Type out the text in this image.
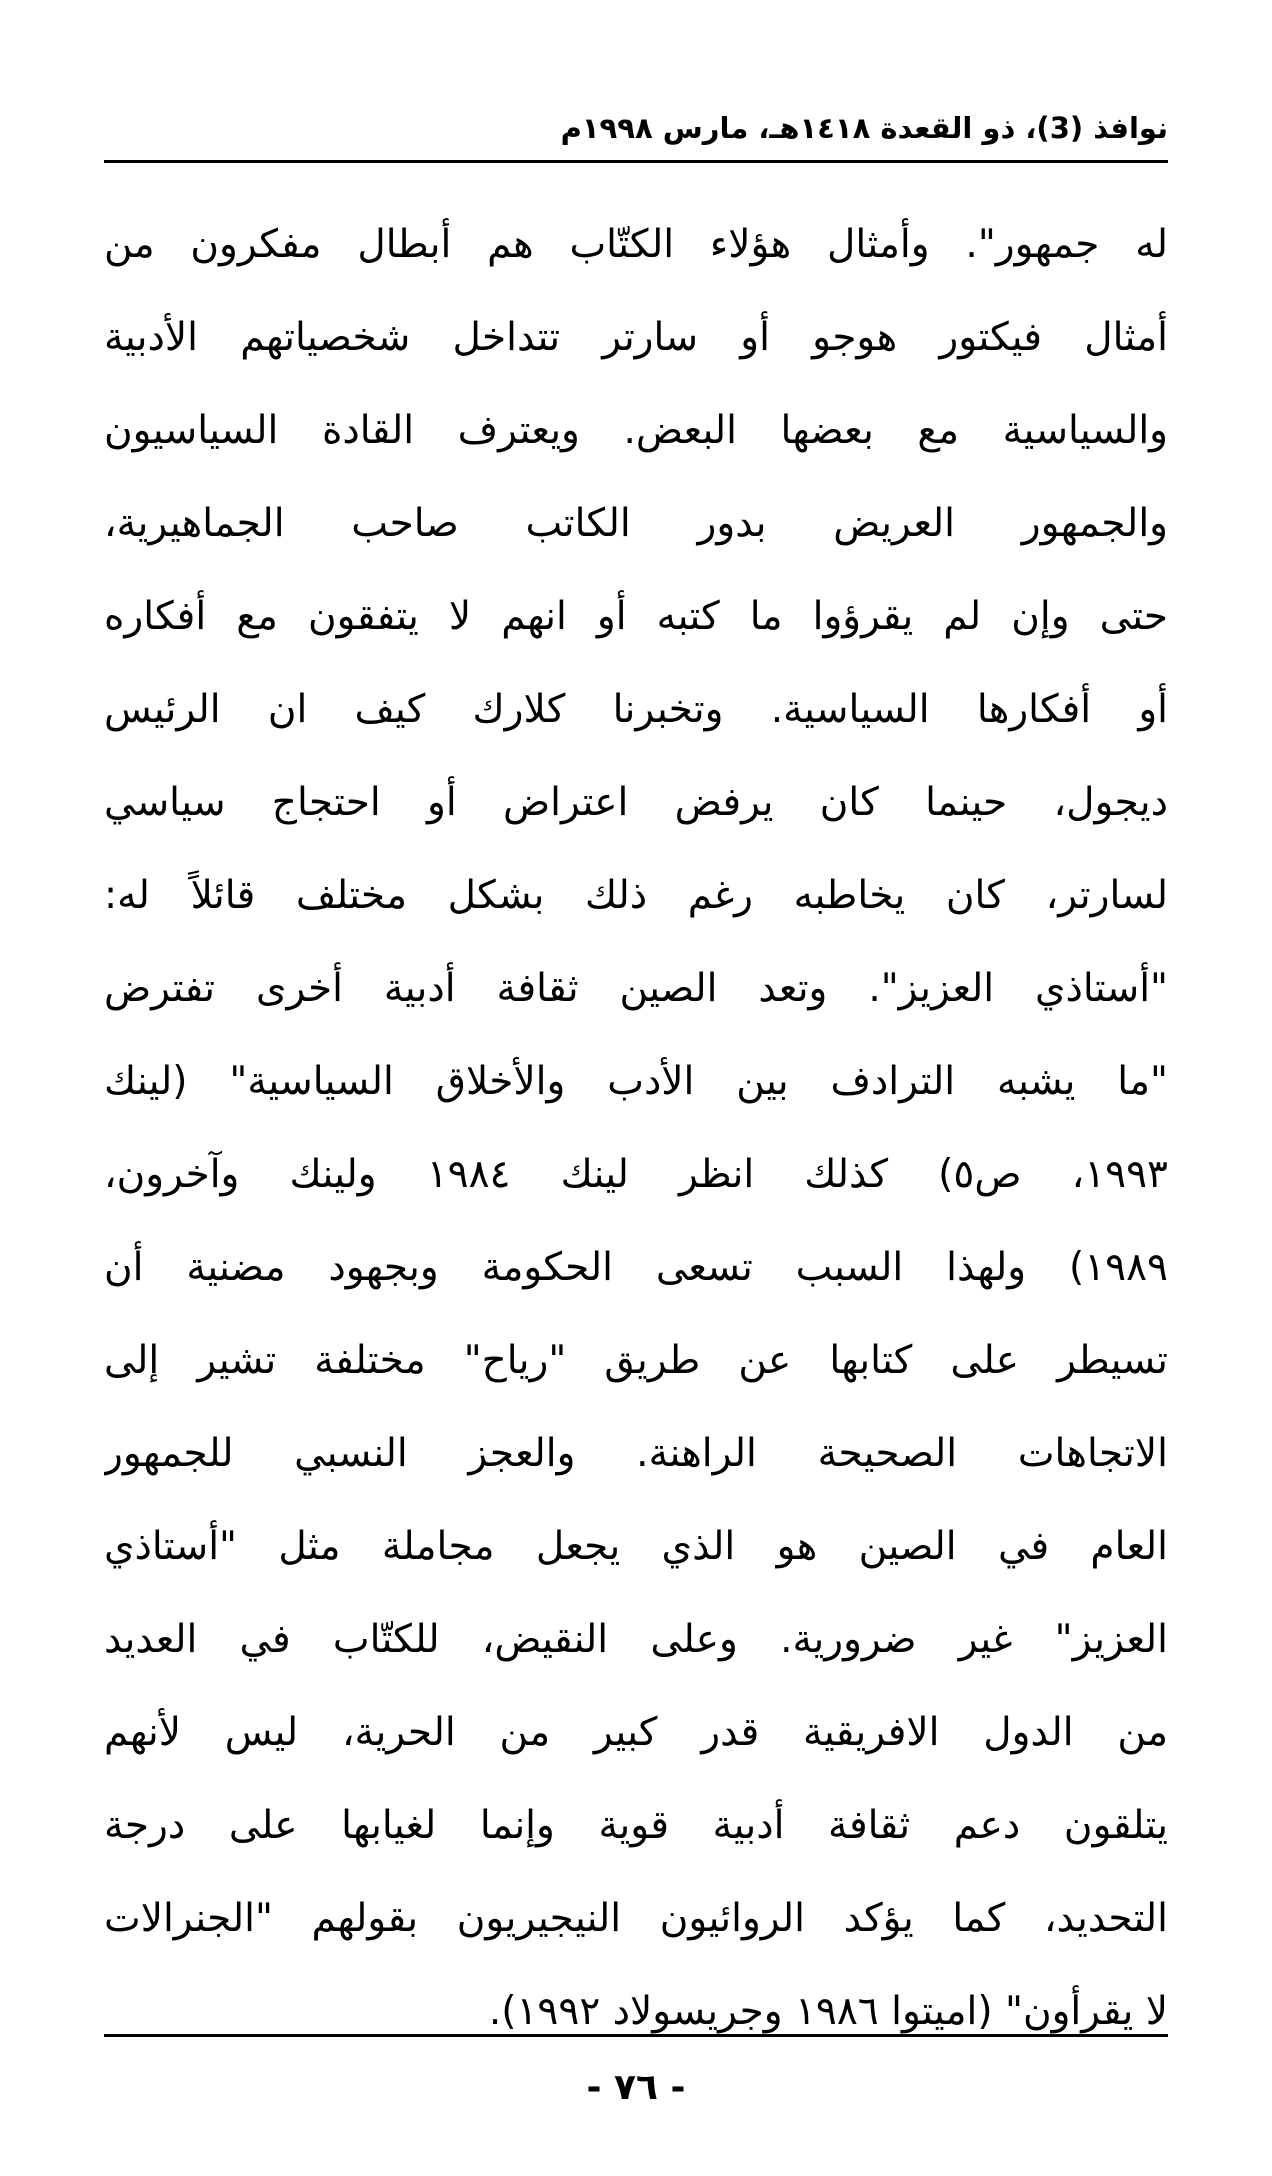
نوافذ (3)، ذو القعدة ١٤١٨هـ، مارس ١٩٩٨م
له جمهور". وأمثال هؤلاء الكتّاب هم أبطال مفكرون من
أمثال فيكتور هوجو أو سارتر تتداخل شخصياتهم الأدبية
والسياسية مع بعضها البعض. ويعترف القادة السياسيون
والجمهور العريض بدور الكاتب صاحب الجماهيرية،
حتى وإن لم يقرؤوا ما كتبه أو انهم لا يتفقون مع أفكاره
أو أفكارها السياسية. وتخبرنا كلارك كيف ان الرئيس
ديجول، حينما كان يرفض اعتراض أو احتجاج سياسي
لسارتر، كان يخاطبه رغم ذلك بشكل مختلف قائلاً له:
"أستاذي العزيز". وتعد الصين ثقافة أدبية أخرى تفترض
"ما يشبه الترادف بين الأدب والأخلاق السياسية" (لينك
١٩٩٣، ص٥) كذلك انظر لينك ١٩٨٤ ولينك وآخرون،
١٩٨٩) ولهذا السبب تسعى الحكومة وبجهود مضنية أن
تسيطر على كتابها عن طريق "رياح" مختلفة تشير إلى
الاتجاهات الصحيحة الراهنة. والعجز النسبي للجمهور
العام في الصين هو الذي يجعل مجاملة مثل "أستاذي
العزيز" غير ضرورية. وعلى النقيض، للكتّاب في العديد
من الدول الافريقية قدر كبير من الحرية، ليس لأنهم
يتلقون دعم ثقافة أدبية قوية وإنما لغيابها على درجة
التحديد، كما يؤكد الروائيون النيجيريون بقولهم "الجنرالات
لا يقرأون" (اميتوا ١٩٨٦ وجريسولاد ١٩٩٢).
- ٧٦ -
